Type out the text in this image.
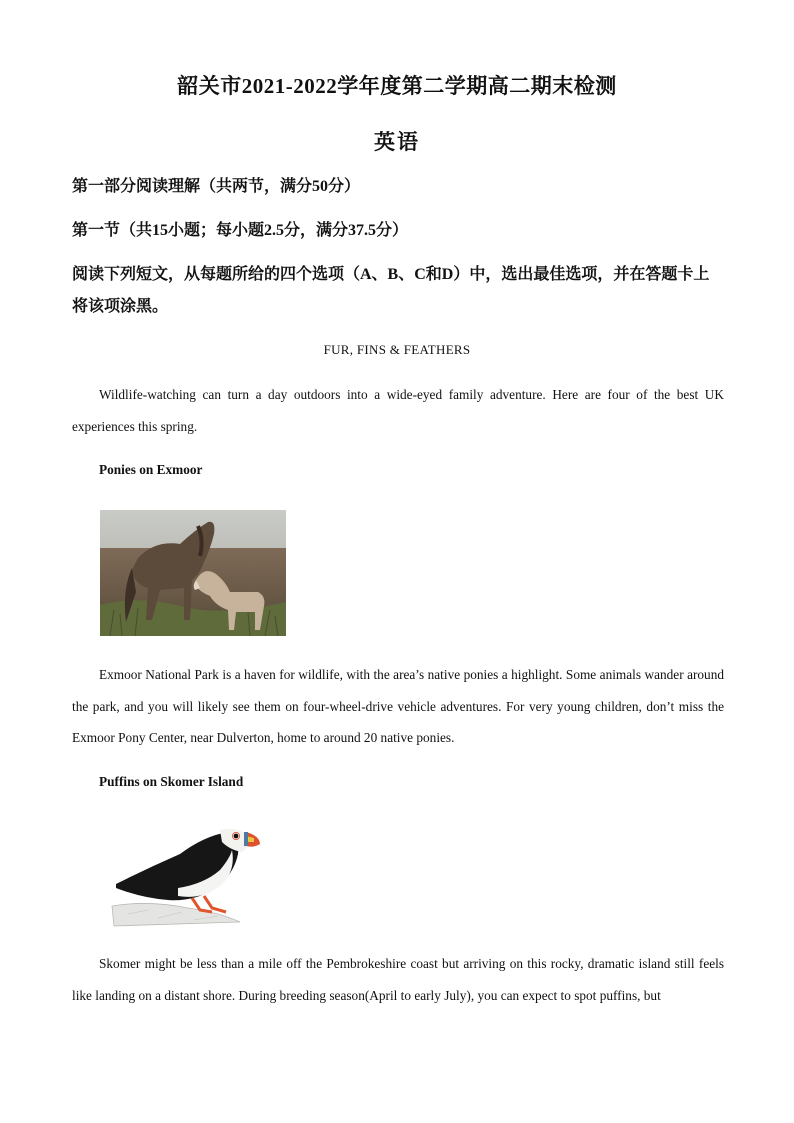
韶关市2021-2022学年度第二学期高二期末检测
英语
第一部分阅读理解（共两节，满分50分）
第一节（共15小题；每小题2.5分，满分37.5分）
阅读下列短文，从每题所给的四个选项（A、B、C和D）中，选出最佳选项，并在答题卡上将该项涂黑。
FUR, FINS & FEATHERS
Wildlife-watching can turn a day outdoors into a wide-eyed family adventure. Here are four of the best UK experiences this spring.
Ponies on Exmoor
Exmoor National Park is a haven for wildlife, with the area’s native ponies a highlight. Some animals wander around the park, and you will likely see them on four-wheel-drive vehicle adventures. For very young children, don’t miss the Exmoor Pony Center, near Dulverton, home to around 20 native ponies.
Puffins on Skomer Island
Skomer might be less than a mile off the Pembrokeshire coast but arriving on this rocky, dramatic island still feels like landing on a distant shore. During breeding season(April to early July), you can expect to spot puffins, but
